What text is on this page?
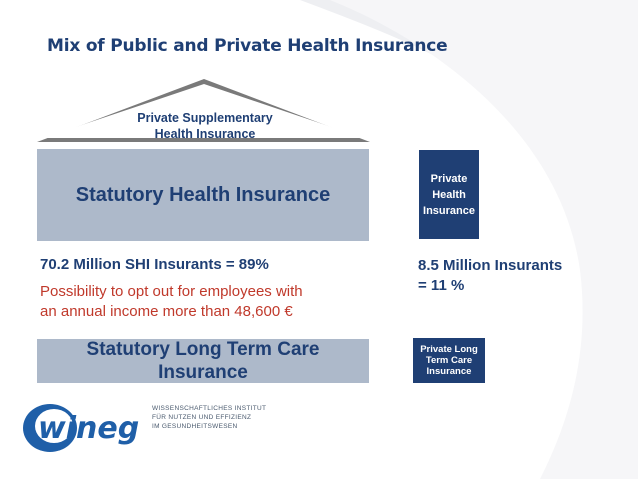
Mix of Public and Private Health Insurance
Private Supplementary
Health Insurance
Statutory Health Insurance
Private
Health
Insurance
70.2 Million SHI Insurants = 89%
Possibility to opt out for employees with
an annual income more than 48,600 €
8.5 Million Insurants
= 11 %
Statutory Long Term Care
Insurance
Private Long
Term Care
Insurance
wineg
WISSENSCHAFTLICHES INSTITUT
FÜR NUTZEN UND EFFIZIENZ
IM GESUNDHEITSWESEN
